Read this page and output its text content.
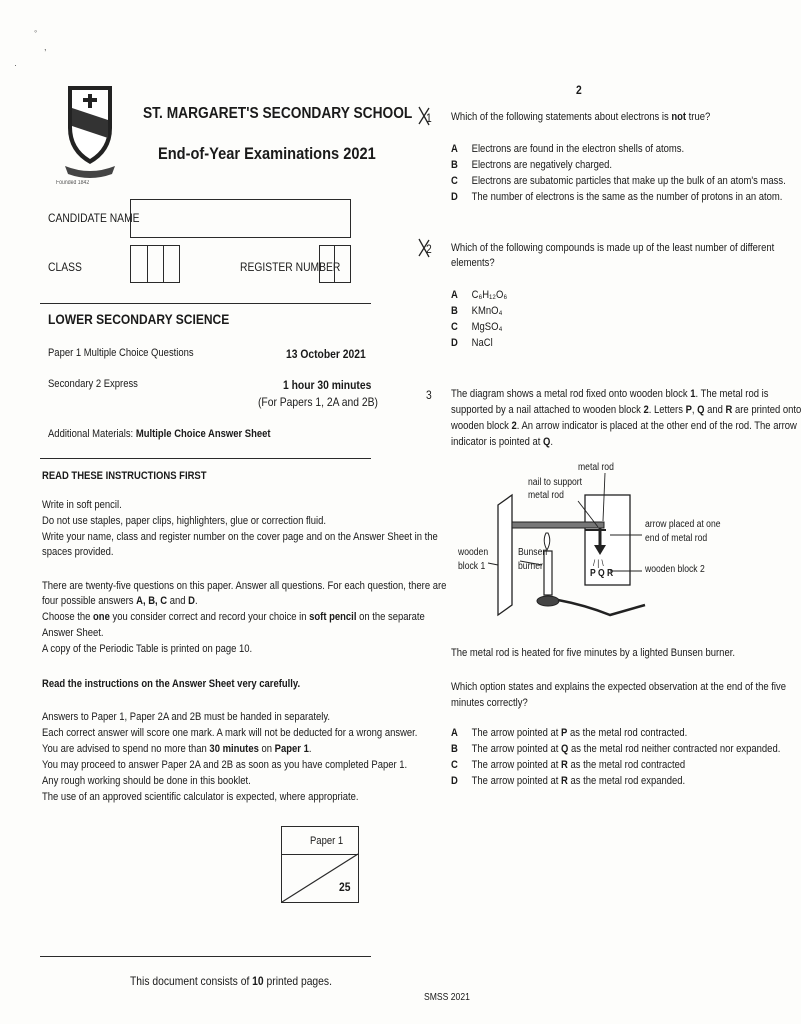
◦
,
·
Founded 1842
ST. MARGARET'S SECONDARY SCHOOL
End-of-Year Examinations 2021
CANDIDATE NAME
CLASS	REGISTER NUMBER
LOWER SECONDARY SCIENCE
Paper 1 Multiple Choice Questions	13 October 2021
Secondary 2 Express	1 hour 30 minutes
(For Papers 1, 2A and 2B)
Additional Materials: Multiple Choice Answer Sheet
READ THESE INSTRUCTIONS FIRST
Write in soft pencil.
Do not use staples, paper clips, highlighters, glue or correction fluid.
Write your name, class and register number on the cover page and on the Answer Sheet in the
spaces provided.
There are twenty-five questions on this paper. Answer all questions. For each question, there are
four possible answers A, B, C and D.
Choose the one you consider correct and record your choice in soft pencil on the separate
Answer Sheet.
A copy of the Periodic Table is printed on page 10.
Read the instructions on the Answer Sheet very carefully.
Answers to Paper 1, Paper 2A and 2B must be handed in separately.
Each correct answer will score one mark. A mark will not be deducted for a wrong answer.
You are advised to spend no more than 30 minutes on Paper 1.
You may proceed to answer Paper 2A and 2B as soon as you have completed Paper 1.
Any rough working should be done in this booklet.
The use of an approved scientific calculator is expected, where appropriate.
Paper 1
25
This document consists of 10 printed pages.
2
1 Which of the following statements about electrons is not true?
A	Electrons are found in the electron shells of atoms.
B	Electrons are negatively charged.
C	Electrons are subatomic particles that make up the bulk of an atom's mass.
D	The number of electrons is the same as the number of protons in an atom.
2 Which of the following compounds is made up of the least number of different
elements?
A	C₆H₁₂O₆
B	KMnO₄
C	MgSO₄
D	NaCl
3 The diagram shows a metal rod fixed onto wooden block 1. The metal rod is
supported by a nail attached to wooden block 2. Letters P, Q and R are printed onto
wooden block 2. An arrow indicator is placed at the other end of the rod. The arrow
indicator is pointed at Q.
metal rod
nail to support
metal rod
arrow placed at one
end of metal rod
wooden
block 1
Bunsen
burner	/ | \
P Q R	wooden block 2
The metal rod is heated for five minutes by a lighted Bunsen burner.
Which option states and explains the expected observation at the end of the five
minutes correctly?
A	The arrow pointed at P as the metal rod contracted.
B	The arrow pointed at Q as the metal rod neither contracted nor expanded.
C	The arrow pointed at R as the metal rod contracted
D	The arrow pointed at R as the metal rod expanded.
SMSS 2021
